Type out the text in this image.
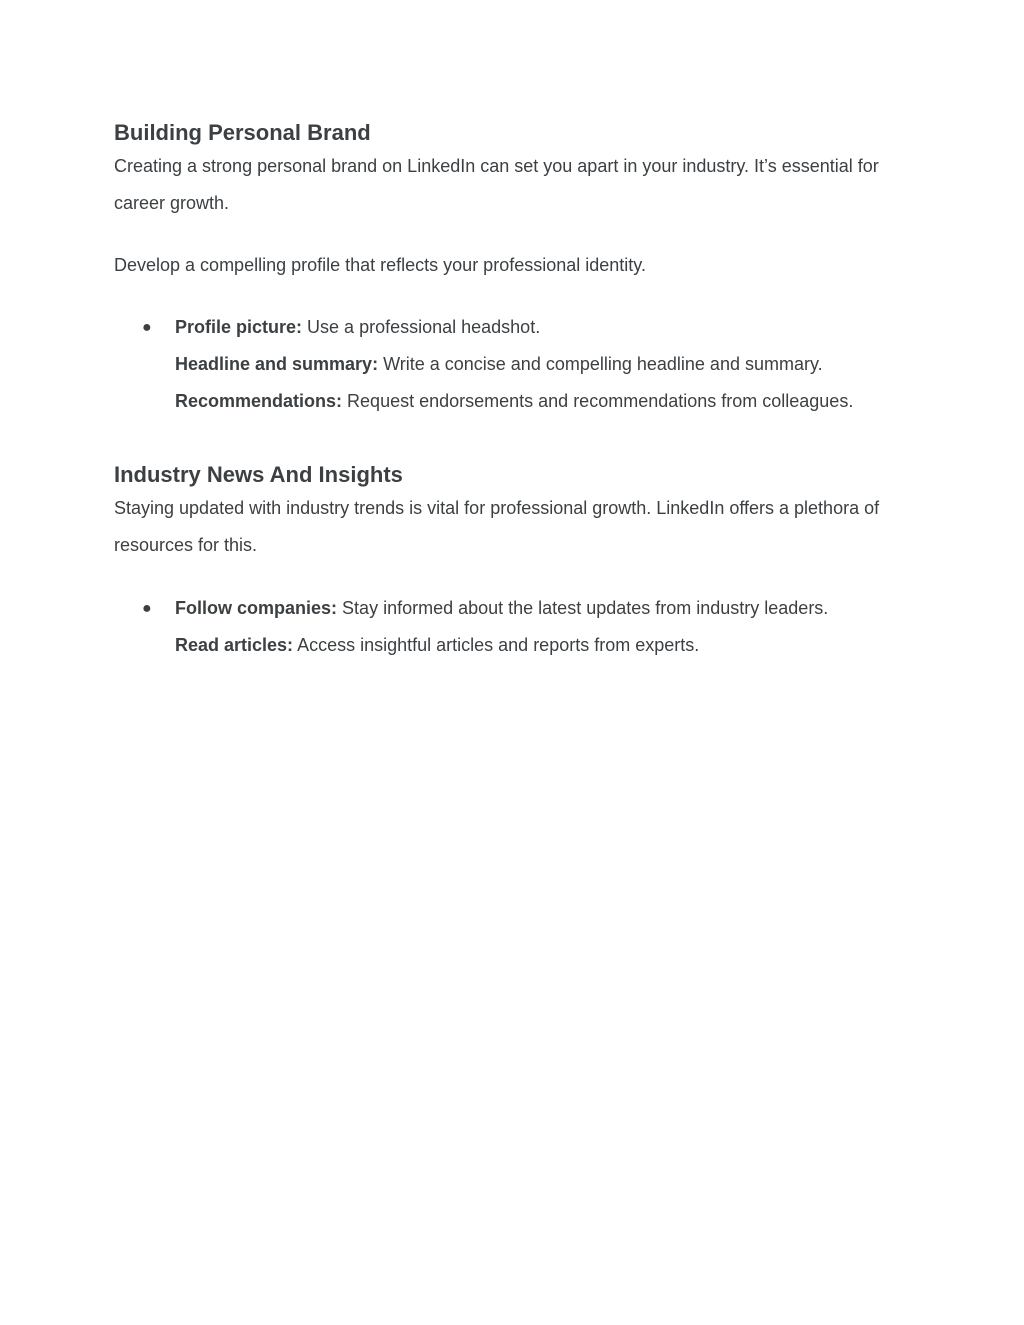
Building Personal Brand

Creating a strong personal brand on LinkedIn can set you apart in your industry. It’s essential for career growth.

Develop a compelling profile that reflects your professional identity.

● Profile picture: Use a professional headshot.

Headline and summary: Write a concise and compelling headline and summary.

Recommendations: Request endorsements and recommendations from colleagues.

Industry News And Insights

Staying updated with industry trends is vital for professional growth. LinkedIn offers a plethora of resources for this.

● Follow companies: Stay informed about the latest updates from industry leaders.

Read articles: Access insightful articles and reports from experts.
